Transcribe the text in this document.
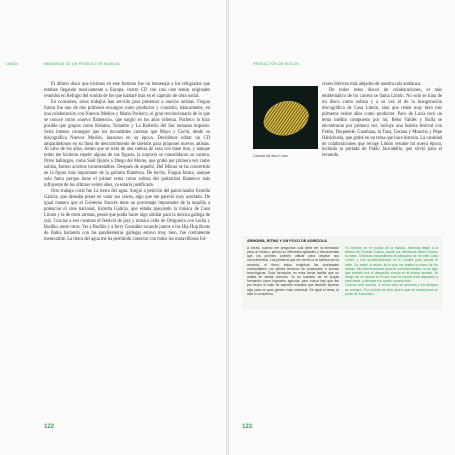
LIMÓN	MEMORIAS DE UN PRODUCTOR MUSICAL

El último disco que hicimos en este formato fue un homenaje a los refugiados que estaban llegando masivamente a Europa, cuatro CD con casi cien temas originales reunidos en Refugio del sonido de los que hablaré más en el capítulo de obra social.

En ocasiones, estos trabajos han servido para presentar a nuevos artistas. Fragua futura fue uno de mis primeros encargos como productor y consistió, básicamente, en una colaboración con Nuevos Medios y Mario Pacheco, el gran revolucionario de lo que se conoce como «nuevo flamenco», que surgió en los años ochenta. Pacheco lo hizo posible que grupos como Ketama, Tomatito y La Barbería del Sur tomaran impulso. Sería intenso conseguir que los incontables carreras que Mayo y Cuchi, desde su discográfica Nuevos Medios, lanzaron en su época. Decidimos editar un CD amparándonos en su línea de descubrimiento de talentos para proponer nuevos artistas. Al cabo de los años, siento que se trató de una cabeza de raza con buen tino, y aunque todos me hicieron repetir alguna de sus figuras, la mayoría se consolidaron su carrera. Otros hallazgos, como Saúl Quirós o Diego del Morao, que grabó por primera vez como solista, fueron aciertos incontestables. Después de aquello, Del Morao se ha convertido en la figura más importante de la guitarra flamenca. De hecho, Fragua futura, aunque solo fuera porque tiene el primer tema como solista del guitarrista flamenco más influyente de los últimos veinte años, ya estaría justificado.

Otro trabajo coral fue La tierra del agua. Surgió a petición del patrocinador Estrella Galicia, que deseaba poner en valor sus raíces, algo que me pareció muy acertado. De igual manera que el Gobierno francés tiene un porcentaje importante de la taquilla a potenciar el cine nacional, Estrella Galicia, que estaba apoyando la música de Casa Limón y la de otros artistas, pensó que podía hacer algo similar para la música gallega de raíz. Gracias a eso creamos el festival de jazz y música celta de Ortigueira con Leilía y Budiño, entre otros. Ver a Budiño y a Jerry González tocando juntos o los Hip Hop Roots de Bahía bailando con las pandereteiras gallegas estuvo muy bien, fue ciertamente memorable. La tierra del agua me ha permitido conectar con todos los maravillosos fol-

122
PRODUCTOR DE DISCOS
123
Carátula del disco Limón

clores ibéricos más alejados de nuestra raíz andaluza.

De todos estos discos de colaboraciones, el más emblemático de mi carrera se llama Limón. No solo se trata de mi disco como solista y a su vez el de la inauguración discográfica de Casa Limón, sino que reúne muy bien mis primeros veinte años como productor. Paco de Lucía tocó un tema inédito compuesto por mí, Bebo Valdés y Bulla se encontraron por primera vez, incluye una bulería festival con Potito, Duquende, Guadiana, la Tana, Genara y Moncho y Pepe Habichuela, que grabé en un tema que hace historia. La cantidad de colaboraciones que recoge Limón resume mi nueva época, incluida la portada de Pablo Juncadella, que sirvió para el recuerdo.

ARMONÍA, RITMO Y UN POCO DE AGRÍCOLA
A veces, cuando me preguntan cuál debe ser la formación para un músico, pienso en diferentes aptitudes y herramientas que los jóvenes pueden utilizar para ampliar sus conocimientos. Los primeros que me vienen a la cabeza son la armonía, el ritmo; estos engloban los cuadrantes contrastables, los pilares técnicos de producción e incluso tecnológicas. Toda formación en esas áreas facilita que un artista se sienta cómodo. Yo he hablado de mi propia formación como ingeniero agrícola, pero nunca hay que dar por hecho el valor de aquellos estudios que también aportan algo para un gran género más universal. De igual el tema, la vida lo compensa.
Yo conecto en el mundo de la música, mientras llegar a la fábrica de Estrella Galicia, donde las hermanas tienen mucho su base. Sinfonías expandiendo el patrocinio de mi sello Casa Limón, y mis acontecimientos en A Coruña para vencer el triste. Su cartel, a veces, es lo que me reabre la mano de los demás. Mis intervenciones para mí son importantes, no es algo que entrañe unir el desarrollo común en el mismo sentido. Yo vengo de un mundo en el que todo el mundo está dispuesto a esforzarse, y siempre me quedo sorprendido.
Cuando todo sucede, a veces todo se acumula y los tiempos se corrigen. Por encima de todo quiero que mi música sea un punto de encuentro.
